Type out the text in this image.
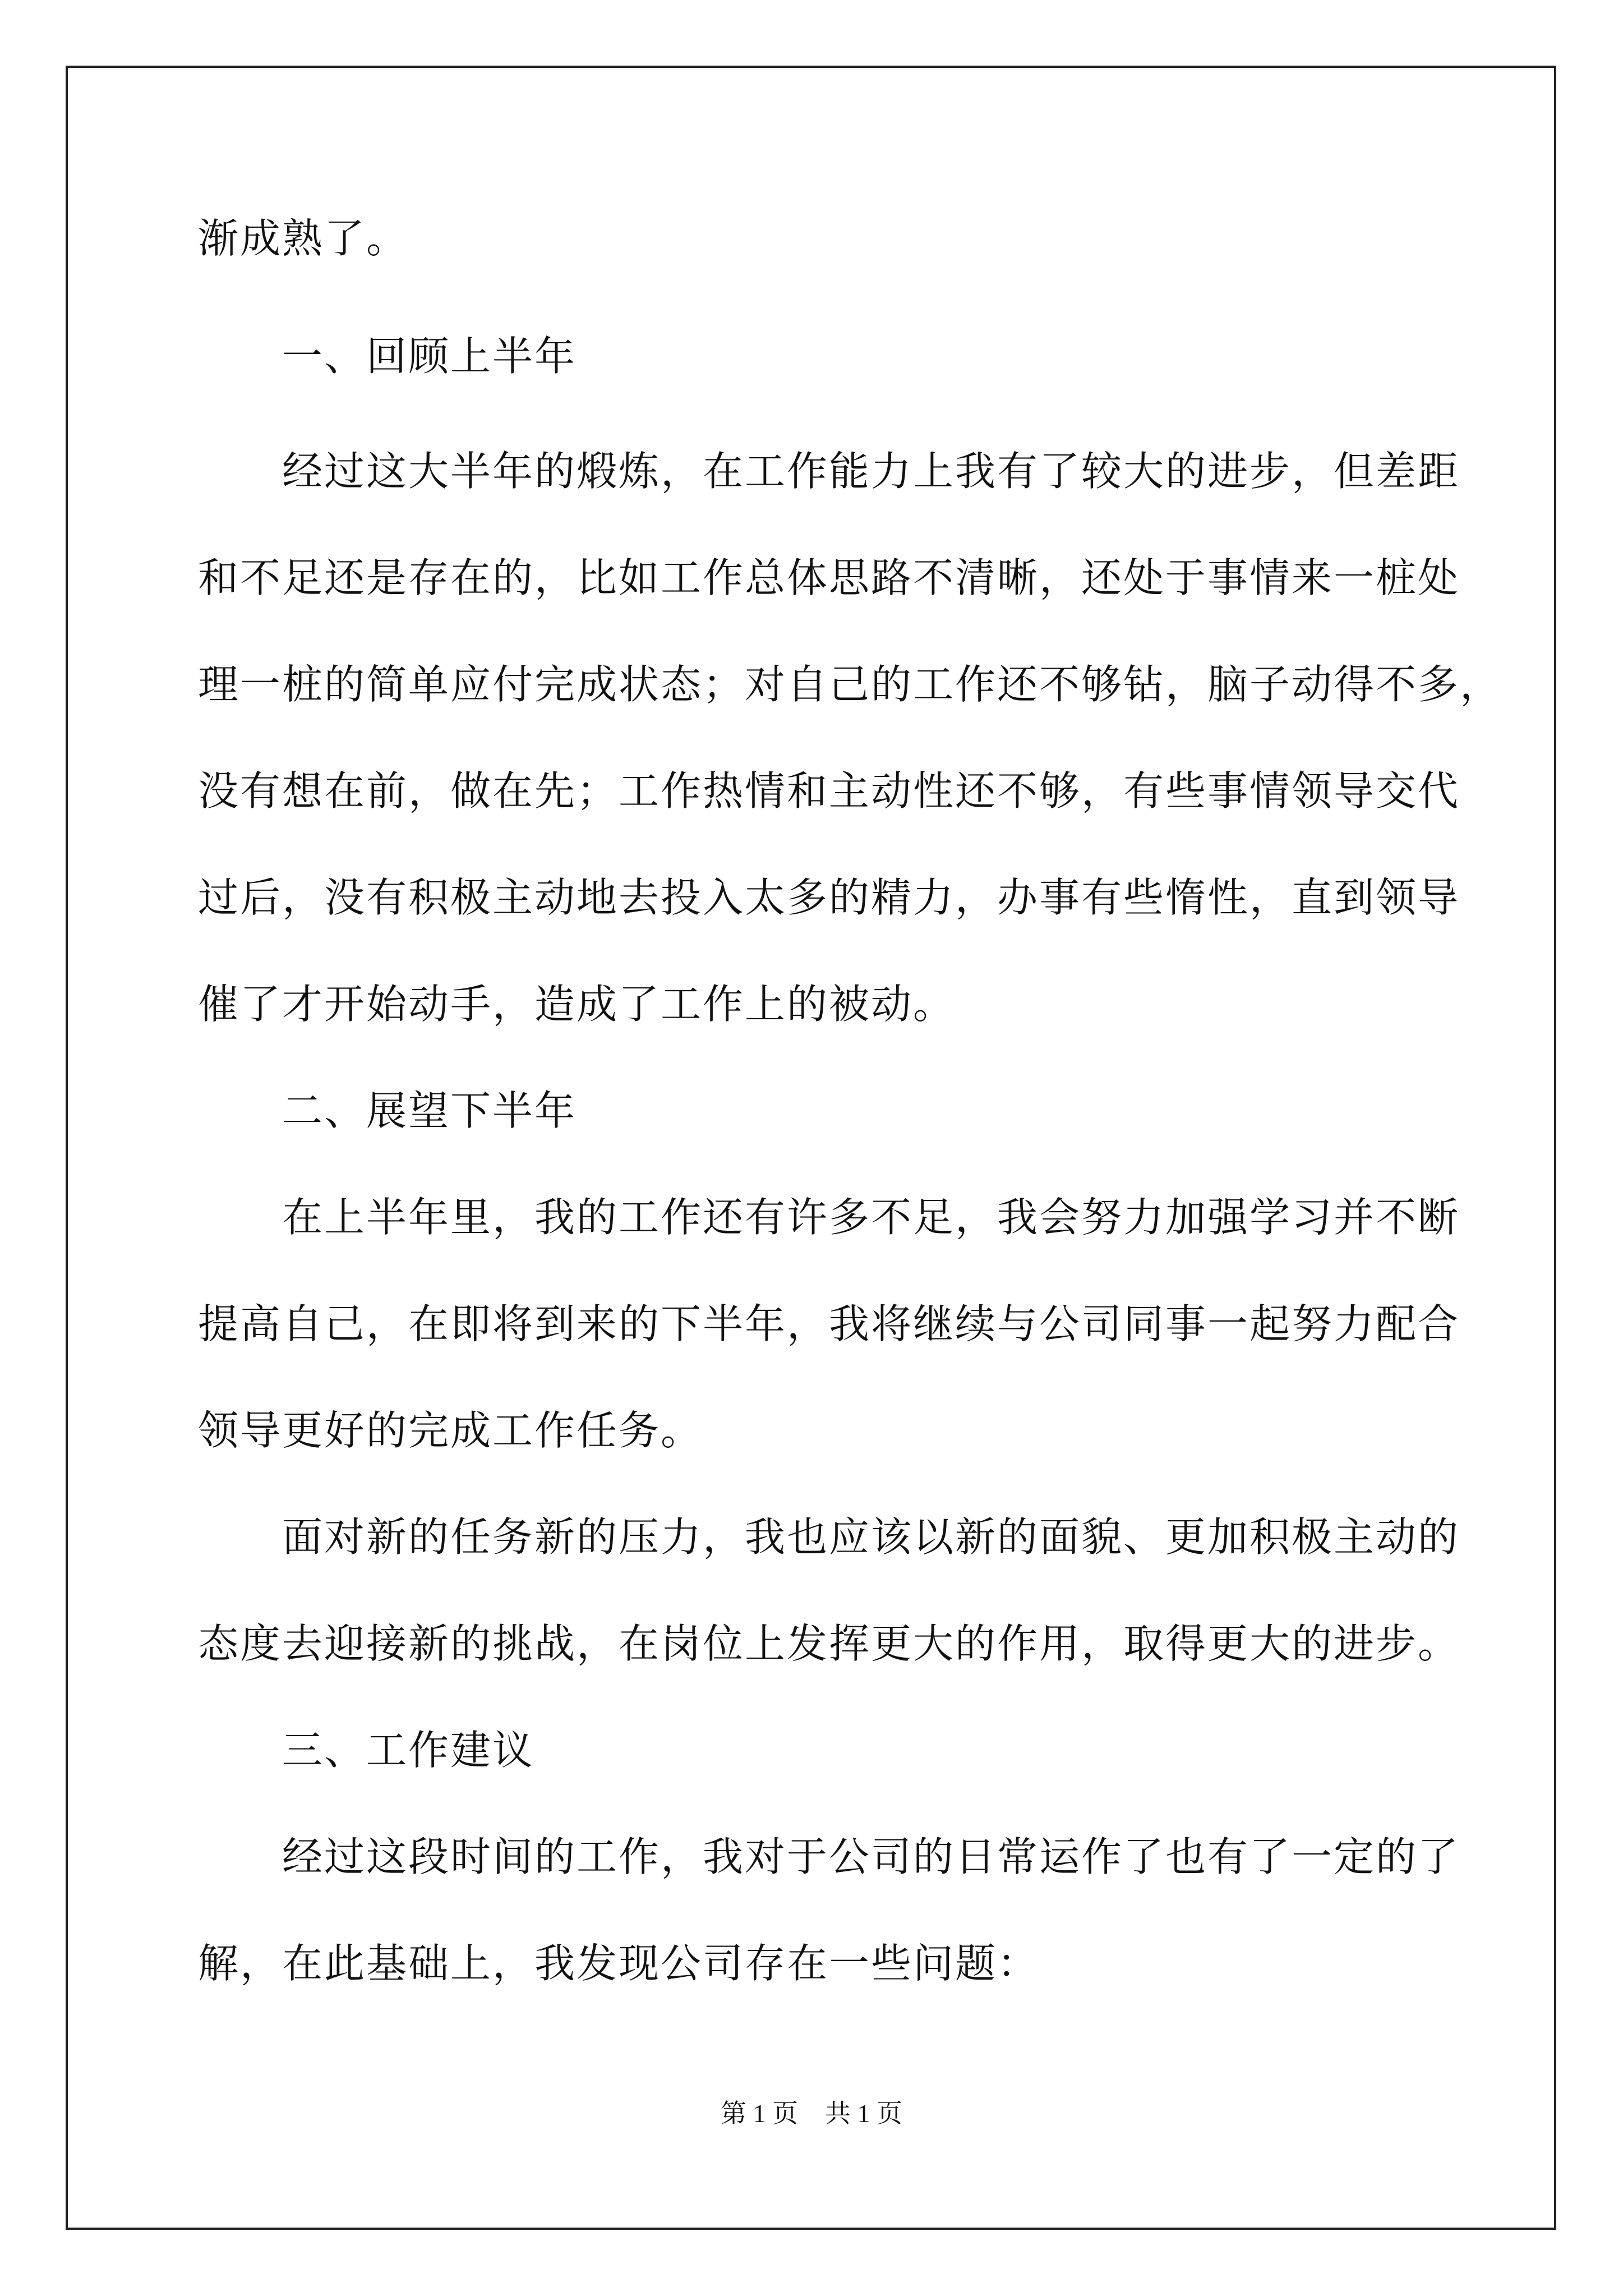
渐成熟了。
一、回顾上半年
经过这大半年的煅炼，在工作能力上我有了较大的进步，但差距
和不足还是存在的，比如工作总体思路不清晰，还处于事情来一桩处
理一桩的简单应付完成状态；对自己的工作还不够钻，脑子动得不多，
没有想在前，做在先；工作热情和主动性还不够，有些事情领导交代
过后，没有积极主动地去投入太多的精力，办事有些惰性，直到领导
催了才开始动手，造成了工作上的被动。
二、展望下半年
在上半年里，我的工作还有许多不足，我会努力加强学习并不断
提高自己，在即将到来的下半年，我将继续与公司同事一起努力配合
领导更好的完成工作任务。
面对新的任务新的压力，我也应该以新的面貌、更加积极主动的
态度去迎接新的挑战，在岗位上发挥更大的作用，取得更大的进步。
三、工作建议
经过这段时间的工作，我对于公司的日常运作了也有了一定的了
解，在此基础上，我发现公司存在一些问题：
第 1 页 共 1 页
